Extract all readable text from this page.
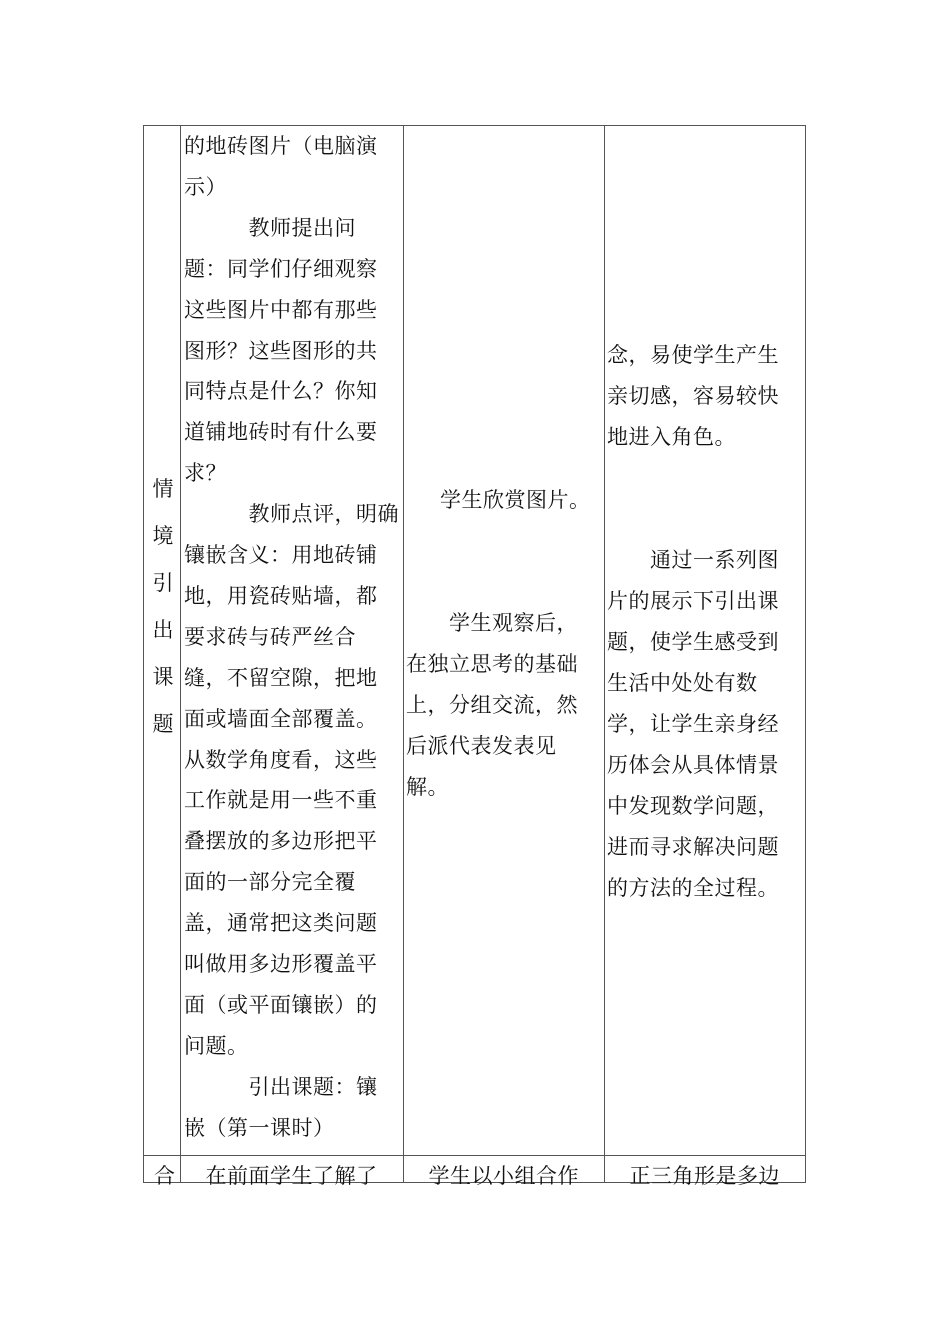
情
境
引
出
课
题
的地砖图片（电脑演
示）
　　　教师提出问
题：同学们仔细观察
这些图片中都有那些
图形？这些图形的共
同特点是什么？你知
道铺地砖时有什么要
求？
　　　教师点评，明确
镶嵌含义：用地砖铺
地，用瓷砖贴墙，都
要求砖与砖严丝合
缝，不留空隙，把地
面或墙面全部覆盖。
从数学角度看，这些
工作就是用一些不重
叠摆放的多边形把平
面的一部分完全覆
盖，通常把这类问题
叫做用多边形覆盖平
面（或平面镶嵌）的
问题。
　　　引出课题：镶
嵌（第一课时）
学生欣赏图片。
　　学生观察后，
在独立思考的基础
上，分组交流，然
后派代表发表见
解。
念，易使学生产生
亲切感，容易较快
地进入角色。
　　通过一系列图
片的展示下引出课
题，使学生感受到
生活中处处有数
学，让学生亲身经
历体会从具体情景
中发现数学问题，
进而寻求解决问题
的方法的全过程。
合 　在前面学生了解了 　学生以小组合作 　正三角形是多边
